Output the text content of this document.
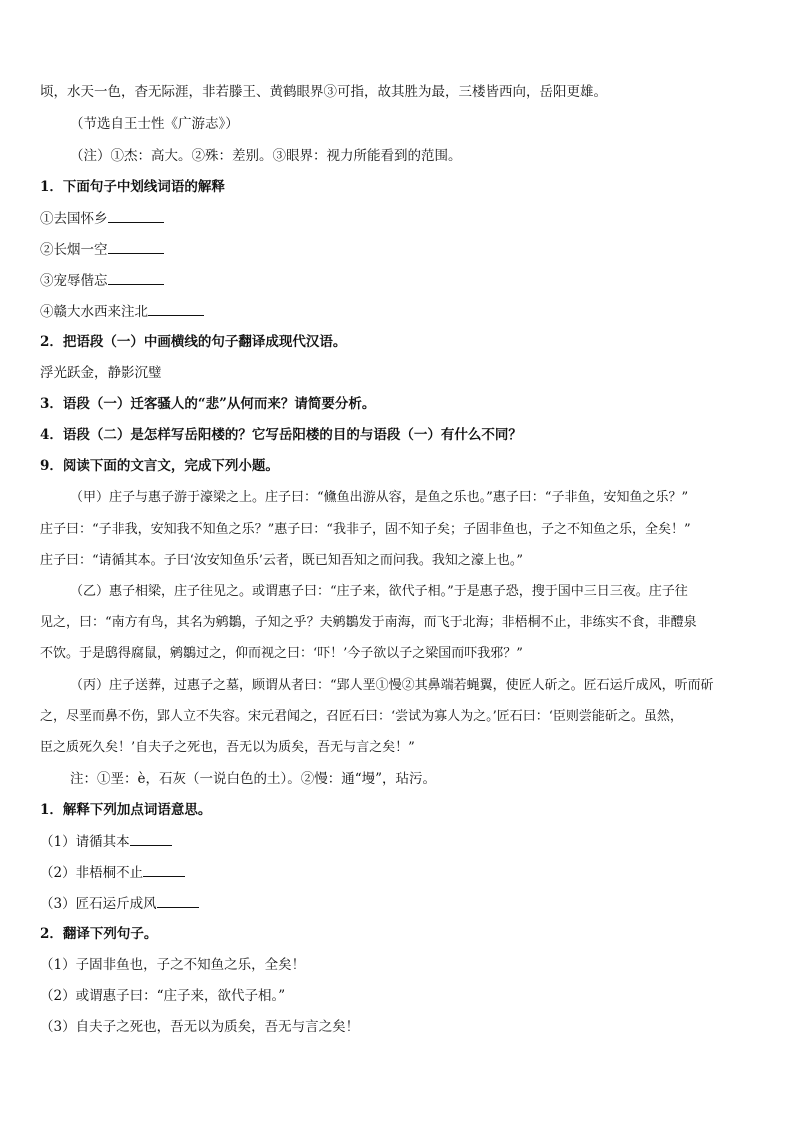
顷，水天一色，杳无际涯，非若滕王、黄鹤眼界③可指，故其胜为最，三楼皆西向，岳阳更雄。
（节选自王士性《广游志》）
（注）①杰：高大。②殊：差别。③眼界：视力所能看到的范围。
1．下面句子中划线词语的解释
①去国怀乡
②长烟一空
③宠辱偕忘
④赣大水西来注北
2．把语段（一）中画横线的句子翻译成现代汉语。
浮光跃金，静影沉璧
3．语段（一）迁客骚人的“悲”从何而来？请简要分析。
4．语段（二）是怎样写岳阳楼的？它写岳阳楼的目的与语段（一）有什么不同？
9．阅读下面的文言文，完成下列小题。
（甲）庄子与惠子游于濠梁之上。庄子曰：“儵鱼出游从容，是鱼之乐也。”惠子曰：“子非鱼，安知鱼之乐？”
庄子曰：“子非我，安知我不知鱼之乐？”惠子曰：“我非子，固不知子矣；子固非鱼也，子之不知鱼之乐，全矣！”
庄子曰：“请循其本。子曰‘汝安知鱼乐’云者，既已知吾知之而问我。我知之濠上也。”
（乙）惠子相梁，庄子往见之。或谓惠子曰：“庄子来，欲代子相。”于是惠子恐，搜于国中三日三夜。庄子往
见之，曰：“南方有鸟，其名为鹓鶵，子知之乎？夫鹓鶵发于南海，而飞于北海；非梧桐不止，非练实不食，非醴泉
不饮。于是鸱得腐鼠，鹓鶵过之，仰而视之曰：‘吓！’今子欲以子之梁国而吓我邪？”
（丙）庄子送葬，过惠子之墓，顾谓从者曰：“郢人垩①慢②其鼻端若蝇翼，使匠人斫之。匠石运斤成风，听而斫
之，尽垩而鼻不伤，郢人立不失容。宋元君闻之，召匠石曰：‘尝试为寡人为之。’匠石曰：‘臣则尝能斫之。虽然，
臣之质死久矣！’自夫子之死也，吾无以为质矣，吾无与言之矣！”
注：①垩：è，石灰（一说白色的土）。②慢：通“墁”，玷污。
1．解释下列加点词语意思。
（1）请循其本
（2）非梧桐不止
（3）匠石运斤成风
2．翻译下列句子。
（1）子固非鱼也，子之不知鱼之乐，全矣！
（2）或谓惠子曰：“庄子来，欲代子相。”
（3）自夫子之死也，吾无以为质矣，吾无与言之矣！
